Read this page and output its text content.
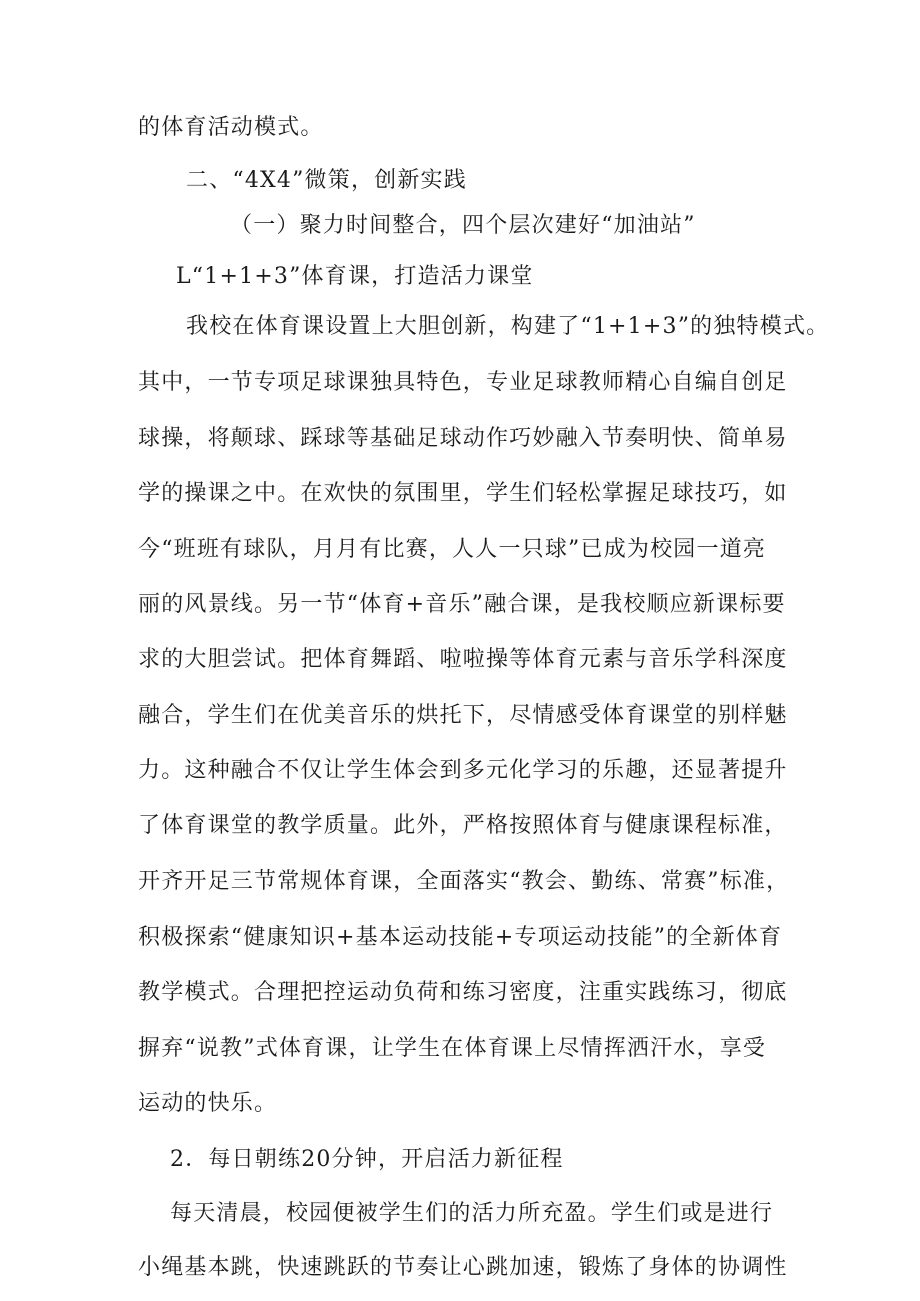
的体育活动模式。
二、“4X4”微策，创新实践
（一）聚力时间整合，四个层次建好“加油站”
L“1+1+3”体育课，打造活力课堂
我校在体育课设置上大胆创新，构建了“1+1+3”的独特模式。
其中，一节专项足球课独具特色，专业足球教师精心自编自创足
球操，将颠球、踩球等基础足球动作巧妙融入节奏明快、简单易
学的操课之中。在欢快的氛围里，学生们轻松掌握足球技巧，如
今“班班有球队，月月有比赛，人人一只球”已成为校园一道亮
丽的风景线。另一节“体育+音乐”融合课，是我校顺应新课标要
求的大胆尝试。把体育舞蹈、啦啦操等体育元素与音乐学科深度
融合，学生们在优美音乐的烘托下，尽情感受体育课堂的别样魅
力。这种融合不仅让学生体会到多元化学习的乐趣，还显著提升
了体育课堂的教学质量。此外，严格按照体育与健康课程标准，
开齐开足三节常规体育课，全面落实“教会、勤练、常赛”标准，
积极探索“健康知识+基本运动技能+专项运动技能”的全新体育
教学模式。合理把控运动负荷和练习密度，注重实践练习，彻底
摒弃“说教”式体育课，让学生在体育课上尽情挥洒汗水，享受
运动的快乐。
2．每日朝练20分钟，开启活力新征程
每天清晨，校园便被学生们的活力所充盈。学生们或是进行
小绳基本跳，快速跳跃的节奏让心跳加速，锻炼了身体的协调性
